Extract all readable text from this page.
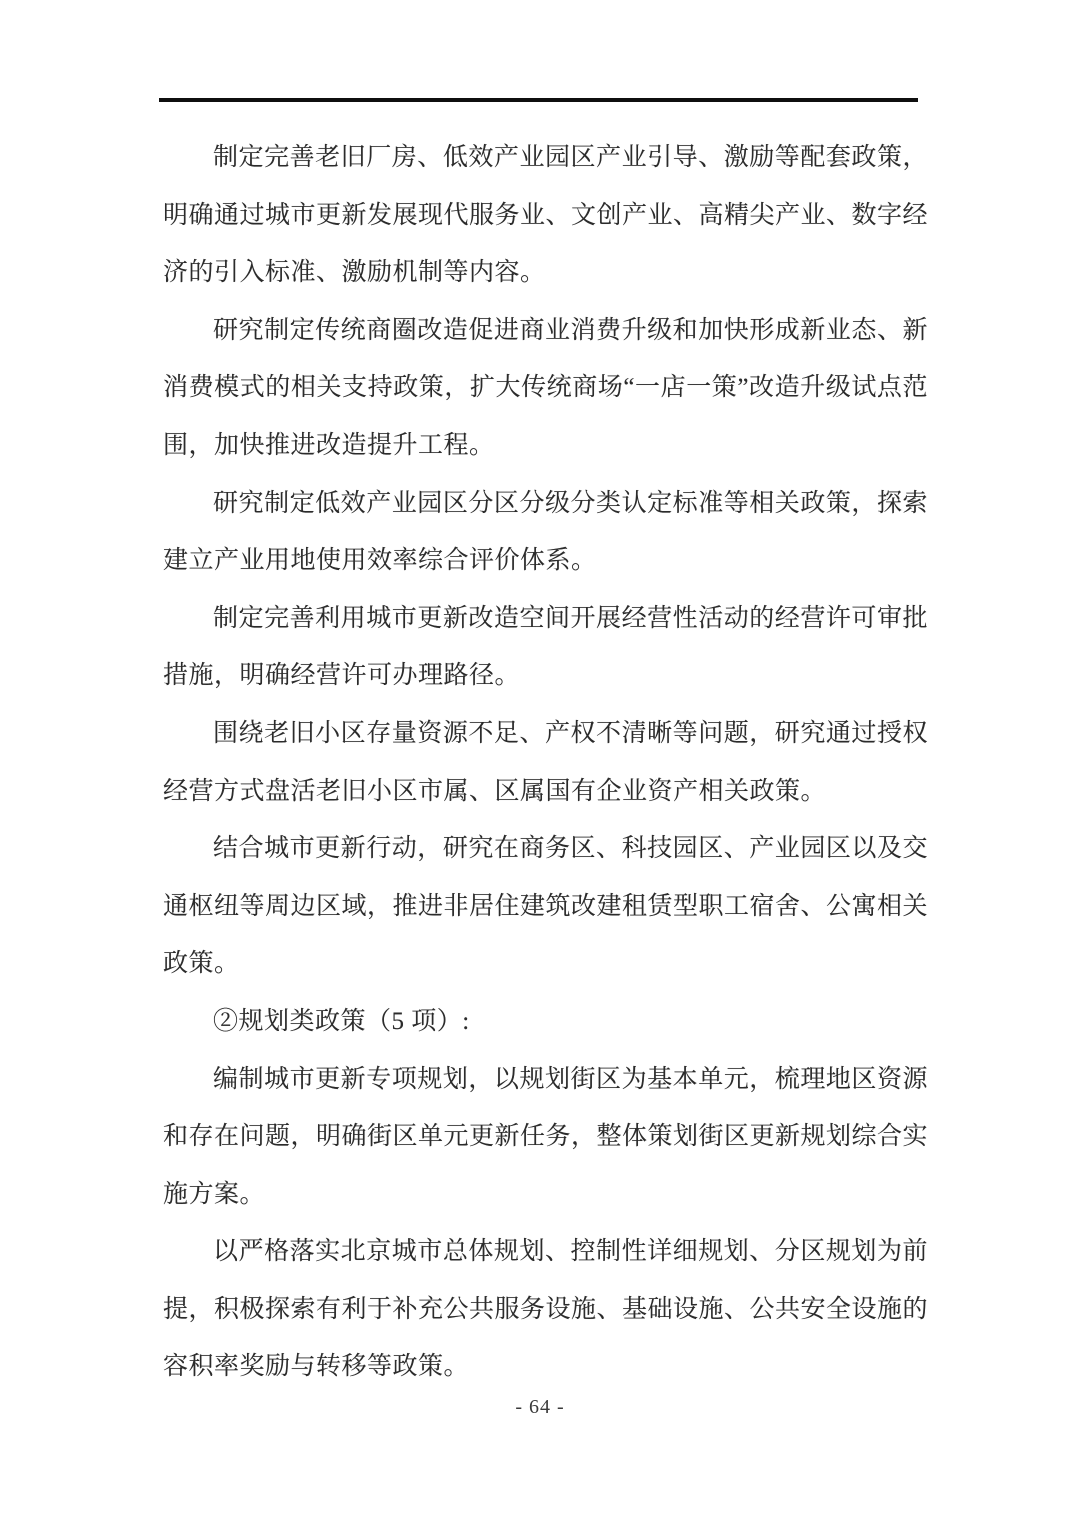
制定完善老旧厂房、低效产业园区产业引导、激励等配套政策，明确通过城市更新发展现代服务业、文创产业、高精尖产业、数字经济的引入标准、激励机制等内容。

研究制定传统商圈改造促进商业消费升级和加快形成新业态、新消费模式的相关支持政策，扩大传统商场“一店一策”改造升级试点范围，加快推进改造提升工程。

研究制定低效产业园区分区分级分类认定标准等相关政策，探索建立产业用地使用效率综合评价体系。

制定完善利用城市更新改造空间开展经营性活动的经营许可审批措施，明确经营许可办理路径。

围绕老旧小区存量资源不足、产权不清晰等问题，研究通过授权经营方式盘活老旧小区市属、区属国有企业资产相关政策。

结合城市更新行动，研究在商务区、科技园区、产业园区以及交通枢纽等周边区域，推进非居住建筑改建租赁型职工宿舍、公寓相关政策。

②规划类政策（5 项）:

编制城市更新专项规划，以规划街区为基本单元，梳理地区资源和存在问题，明确街区单元更新任务，整体策划街区更新规划综合实施方案。

以严格落实北京城市总体规划、控制性详细规划、分区规划为前提，积极探索有利于补充公共服务设施、基础设施、公共安全设施的容积率奖励与转移等政策。

- 64 -
